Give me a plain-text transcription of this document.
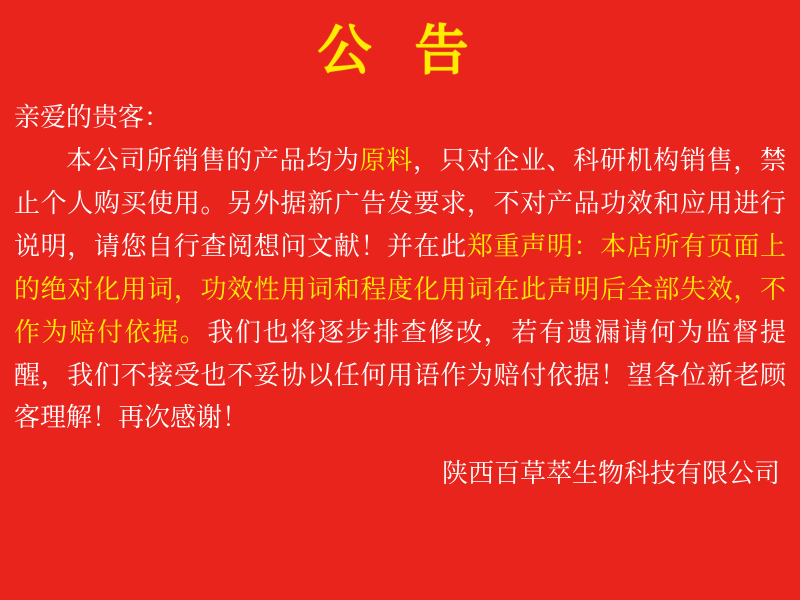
公 告
亲爱的贵客：
本公司所销售的产品均为原料，只对企业、科研机构销售，禁止个人购买使用。另外据新广告发要求，不对产品功效和应用进行说明，请您自行查阅想问文献！并在此郑重声明：本店所有页面上的绝对化用词，功效性用词和程度化用词在此声明后全部失效，不作为赔付依据。我们也将逐步排查修改，若有遗漏请何为监督提醒，我们不接受也不妥协以任何用语作为赔付依据！望各位新老顾客理解！再次感谢！
陕西百草萃生物科技有限公司
